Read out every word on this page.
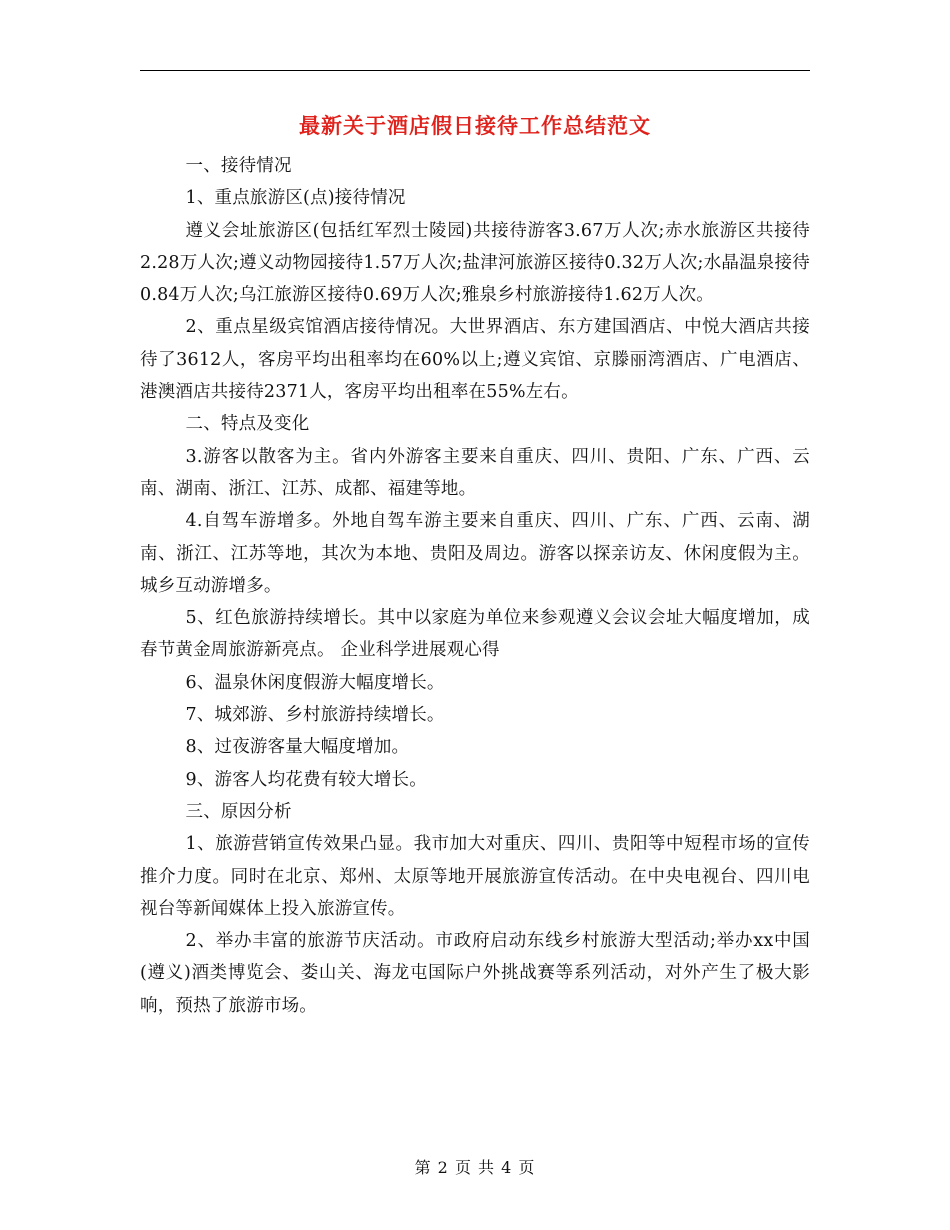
最新关于酒店假日接待工作总结范文

一、接待情况

1、重点旅游区(点)接待情况

遵义会址旅游区(包括红军烈士陵园)共接待游客3.67万人次;赤水旅游区共接待2.28万人次;遵义动物园接待1.57万人次;盐津河旅游区接待0.32万人次;水晶温泉接待0.84万人次;乌江旅游区接待0.69万人次;雅泉乡村旅游接待1.62万人次。

2、重点星级宾馆酒店接待情况。大世界酒店、东方建国酒店、中悦大酒店共接待了3612人，客房平均出租率均在60%以上;遵义宾馆、京滕丽湾酒店、广电酒店、港澳酒店共接待2371人，客房平均出租率在55%左右。

二、特点及变化

3.游客以散客为主。省内外游客主要来自重庆、四川、贵阳、广东、广西、云南、湖南、浙江、江苏、成都、福建等地。

4.自驾车游增多。外地自驾车游主要来自重庆、四川、广东、广西、云南、湖南、浙江、江苏等地，其次为本地、贵阳及周边。游客以探亲访友、休闲度假为主。城乡互动游增多。

5、红色旅游持续增长。其中以家庭为单位来参观遵义会议会址大幅度增加，成春节黄金周旅游新亮点。 企业科学进展观心得

6、温泉休闲度假游大幅度增长。

7、城郊游、乡村旅游持续增长。

8、过夜游客量大幅度增加。

9、游客人均花费有较大增长。

三、原因分析

1、旅游营销宣传效果凸显。我市加大对重庆、四川、贵阳等中短程市场的宣传推介力度。同时在北京、郑州、太原等地开展旅游宣传活动。在中央电视台、四川电视台等新闻媒体上投入旅游宣传。

2、举办丰富的旅游节庆活动。市政府启动东线乡村旅游大型活动;举办xx中国(遵义)酒类博览会、娄山关、海龙屯国际户外挑战赛等系列活动，对外产生了极大影响，预热了旅游市场。

第 2 页 共 4 页
